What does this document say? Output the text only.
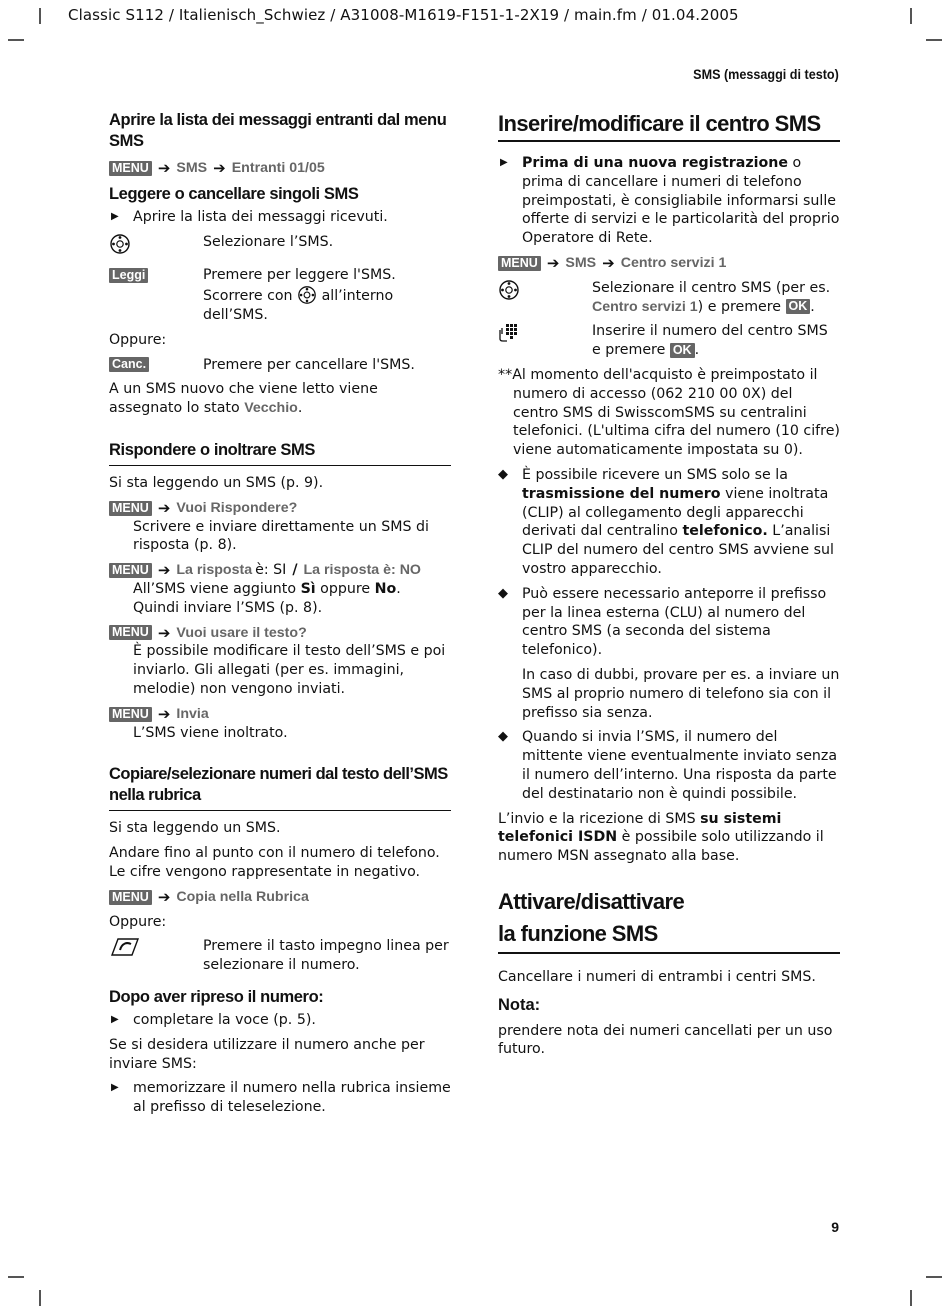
Classic S112 / Italienisch_Schwiez / A31008-M1619-F151-1-2X19 / main.fm / 01.04.2005
SMS (messaggi di testo)
Aprire la lista dei messaggi entranti dal menu SMS
MENU ➔ SMS ➔ Entranti 01/05
Leggere o cancellare singoli SMS

▶ Aprire la lista dei messaggi ricevuti.

Selezionare l’SMS.
Leggi	Premere per leggere l'SMS.
Scorrere con all’interno dell’SMS.

Oppure:

Canc.	Premere per cancellare l'SMS.

A un SMS nuovo che viene letto viene assegnato lo stato Vecchio.

Rispondere o inoltrare SMS

Si sta leggendo un SMS (p. 9).

MENU ➔ Vuoi Rispondere?

Scrivere e inviare direttamente un SMS di risposta (p. 8).

MENU ➔ La risposta è: SI / La risposta è: NO

All’SMS viene aggiunto Sì oppure No. Quindi inviare l’SMS (p. 8).

MENU ➔ Vuoi usare il testo?

È possibile modificare il testo dell’SMS e poi inviarlo. Gli allegati (per es. immagini, melodie) non vengono inviati.

MENU ➔ Invia

L’SMS viene inoltrato.

Copiare/selezionare numeri dal testo dell’SMS nella rubrica

Si sta leggendo un SMS.

Andare fino al punto con il numero di telefono. Le cifre vengono rappresentate in negativo.

MENU ➔ Copia nella Rubrica

Oppure:

Premere il tasto impegno linea per selezionare il numero.
Dopo aver ripreso il numero:

▶ completare la voce (p. 5).

Se si desidera utilizzare il numero anche per inviare SMS:

▶ memorizzare il numero nella rubrica insieme al prefisso di teleselezione.

Inserire/modificare il centro SMS

▶ Prima di una nuova registrazione o prima di cancellare i numeri di telefono preimpostati, è consigliabile informarsi sulle offerte di servizi e le particolarità del proprio Operatore di Rete.

MENU ➔ SMS ➔ Centro servizi 1
Selezionare il centro SMS (per es. Centro servizi 1) e premere OK .
Inserire il numero del centro SMS e premere OK .

**Al momento dell'acquisto è preimpostato il numero di accesso (062 210 00 0X) del centro SMS di SwisscomSMS su centralini telefonici. (L'ultima cifra del numero (10 cifre) viene automaticamente impostata su 0).

◆ È possibile ricevere un SMS solo se la trasmissione del numero viene inoltrata (CLIP) al collegamento degli apparecchi derivati dal centralino telefonico. L’analisi CLIP del numero del centro SMS avviene sul vostro apparecchio.
◆ Può essere necessario anteporre il prefisso per la linea esterna (CLU) al numero del centro SMS (a seconda del sistema telefonico).

In caso di dubbi, provare per es. a inviare un SMS al proprio numero di telefono sia con il prefisso sia senza.

◆ Quando si invia l’SMS, il numero del mittente viene eventualmente inviato senza il numero dell’interno. Una risposta da parte del destinatario non è quindi possibile.

L’invio e la ricezione di SMS su sistemi telefonici ISDN è possibile solo utilizzando il numero MSN assegnato alla base.

Attivare/disattivare
la funzione SMS

Cancellare i numeri di entrambi i centri SMS.

Nota:

prendere nota dei numeri cancellati per un uso futuro.

9
